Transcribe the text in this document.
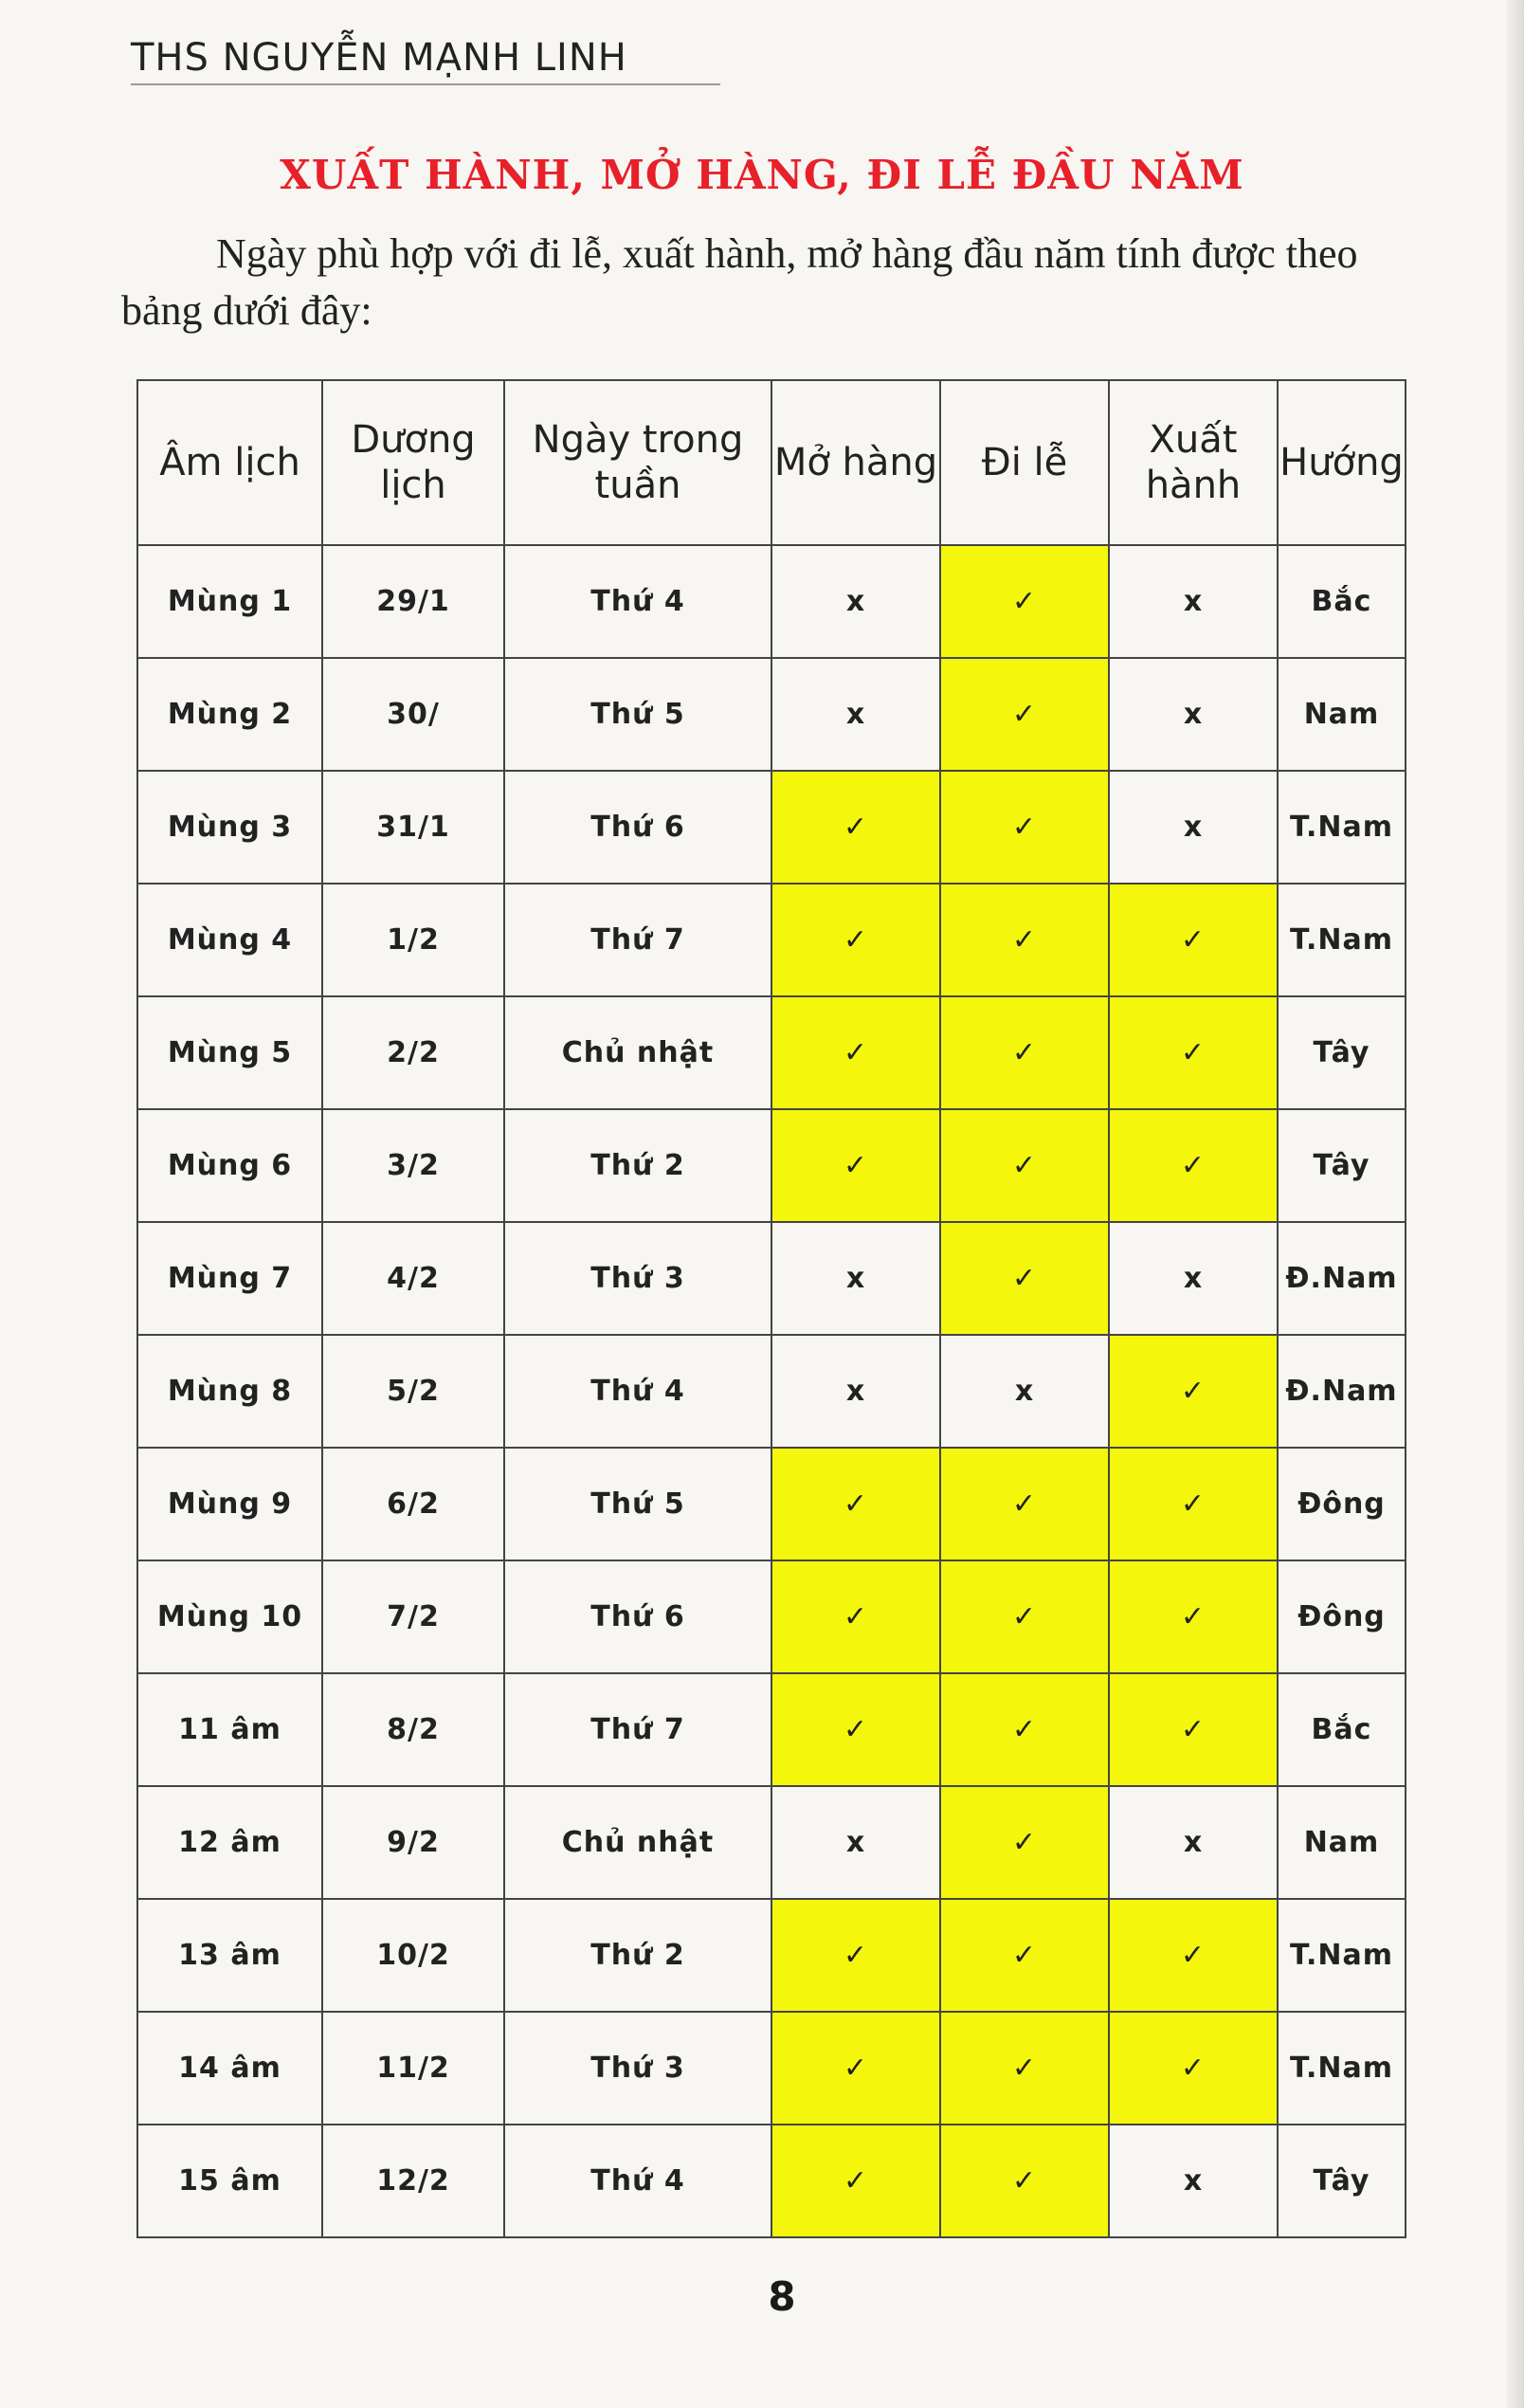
THS NGUYỄN MẠNH LINH
XUẤT HÀNH, MỞ HÀNG, ĐI LỄ ĐẦU NĂM
Ngày phù hợp với đi lễ, xuất hành, mở hàng đầu năm tính được theo bảng dưới đây:
Âm lịch	Dương lịch	Ngày trong tuần	Mở hàng	Đi lễ	Xuất hành	Hướng
Mùng 1	29/1	Thứ 4	x	✓	x	Bắc
Mùng 2	30/	Thứ 5	x	✓	x	Nam
Mùng 3	31/1	Thứ 6	✓	✓	x	T.Nam
Mùng 4	1/2	Thứ 7	✓	✓	✓	T.Nam
Mùng 5	2/2	Chủ nhật	✓	✓	✓	Tây
Mùng 6	3/2	Thứ 2	✓	✓	✓	Tây
Mùng 7	4/2	Thứ 3	x	✓	x	Đ.Nam
Mùng 8	5/2	Thứ 4	x	x	✓	Đ.Nam
Mùng 9	6/2	Thứ 5	✓	✓	✓	Đông
Mùng 10	7/2	Thứ 6	✓	✓	✓	Đông
11 âm	8/2	Thứ 7	✓	✓	✓	Bắc
12 âm	9/2	Chủ nhật	x	✓	x	Nam
13 âm	10/2	Thứ 2	✓	✓	✓	T.Nam
14 âm	11/2	Thứ 3	✓	✓	✓	T.Nam
15 âm	12/2	Thứ 4	✓	✓	x	Tây
8
